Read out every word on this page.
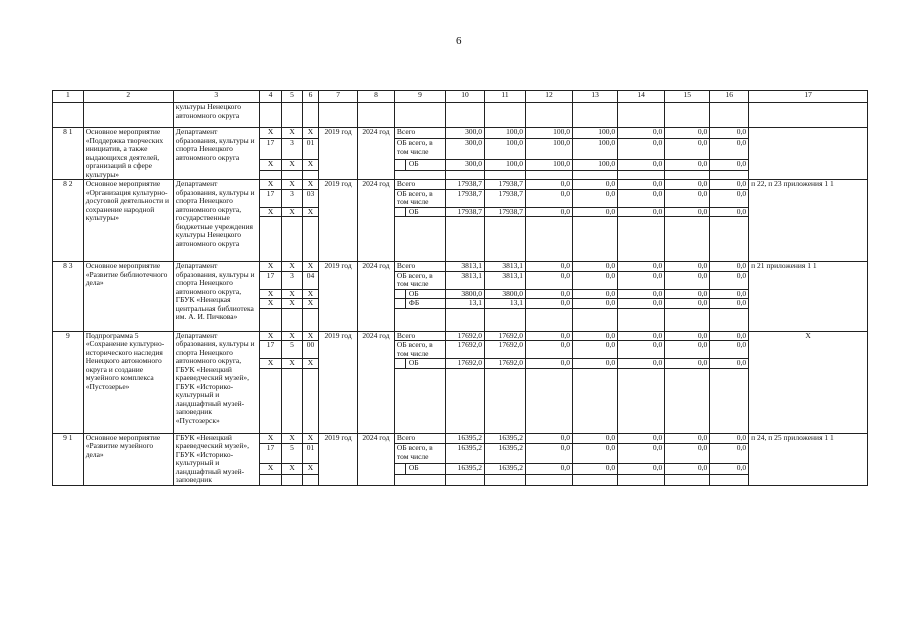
6
1	2	3	4	5	6	7	8	9	10	11	12	13	14	15	16	17
		культуры Ненецкого автономного округа														
8 1	Основное мероприятие «Поддержка творческих инициатив, а также выдающихся деятелей, организаций в сфере культуры»	Департамент образования, культуры и спорта Ненецкого автономного округа	X	X	X	2019 год	2024 год	Всего	300,0	100,0	100,0	100,0	0,0	0,0	0,0	
			17	3	01			ОБ всего, в том числе	300,0	100,0	100,0	100,0	0,0	0,0	0,0	
			X	X	X			ОБ	300,0	100,0	100,0	100,0	0,0	0,0	0,0	

8 2	Основное мероприятие «Организация культурно-досуговой деятельности и сохранение народной культуры»	Департамент образования, культуры и спорта Ненецкого автономного округа, государственные бюджетные учреждения культуры Ненецкого автономного округа	X	X	X	2019 год	2024 год	Всего	17938,7	17938,7	0,0	0,0	0,0	0,0	0,0	п 22, п 23 приложения 1 1
			17	3	03			ОБ всего, в том числе	17938,7	17938,7	0,0	0,0	0,0	0,0	0,0	
			X	X	X			ОБ	17938,7	17938,7	0,0	0,0	0,0	0,0	0,0	

8 3	Основное мероприятие «Развитие библиотечного дела»	Департамент образования, культуры и спорта Ненецкого автономного округа, ГБУК «Ненецкая центральная библиотека им. А. И. Пичкова»	X	X	X	2019 год	2024 год	Всего	3813,1	3813,1	0,0	0,0	0,0	0,0	0,0	п 21 приложения 1 1
			17	3	04			ОБ всего, в том числе	3813,1	3813,1	0,0	0,0	0,0	0,0	0,0	
			X	X	X			ОБ	3800,0	3800,0	0,0	0,0	0,0	0,0	0,0	
			X	X	X			ФБ	13,1	13,1	0,0	0,0	0,0	0,0	0,0	

9	Подпрограмма 5 «Сохранение культурно-исторического наследия Ненецкого автономного округа и создание музейного комплекса «Пустозерье»	Департамент образования, культуры и спорта Ненецкого автономного округа, ГБУК «Ненецкий краеведческий музей», ГБУК «Историко-культурный и ландшафтный музей-заповедник «Пустозерск»	X	X	X	2019 год	2024 год	Всего	17692,0	17692,0	0,0	0,0	0,0	0,0	0,0	X
			17	5	00			ОБ всего, в том числе	17692,0	17692,0	0,0	0,0	0,0	0,0	0,0	
			X	X	X			ОБ	17692,0	17692,0	0,0	0,0	0,0	0,0	0,0	

9 1	Основное мероприятие «Развитие музейного дела»	ГБУК «Ненецкий краеведческий музей», ГБУК «Историко-культурный и ландшафтный музей-заповедник	X	X	X	2019 год	2024 год	Всего	16395,2	16395,2	0,0	0,0	0,0	0,0	0,0	п 24, п 25 приложения 1 1
			17	5	01			ОБ всего, в том числе	16395,2	16395,2	0,0	0,0	0,0	0,0	0,0	
			X	X	X			ОБ	16395,2	16395,2	0,0	0,0	0,0	0,0	0,0	
